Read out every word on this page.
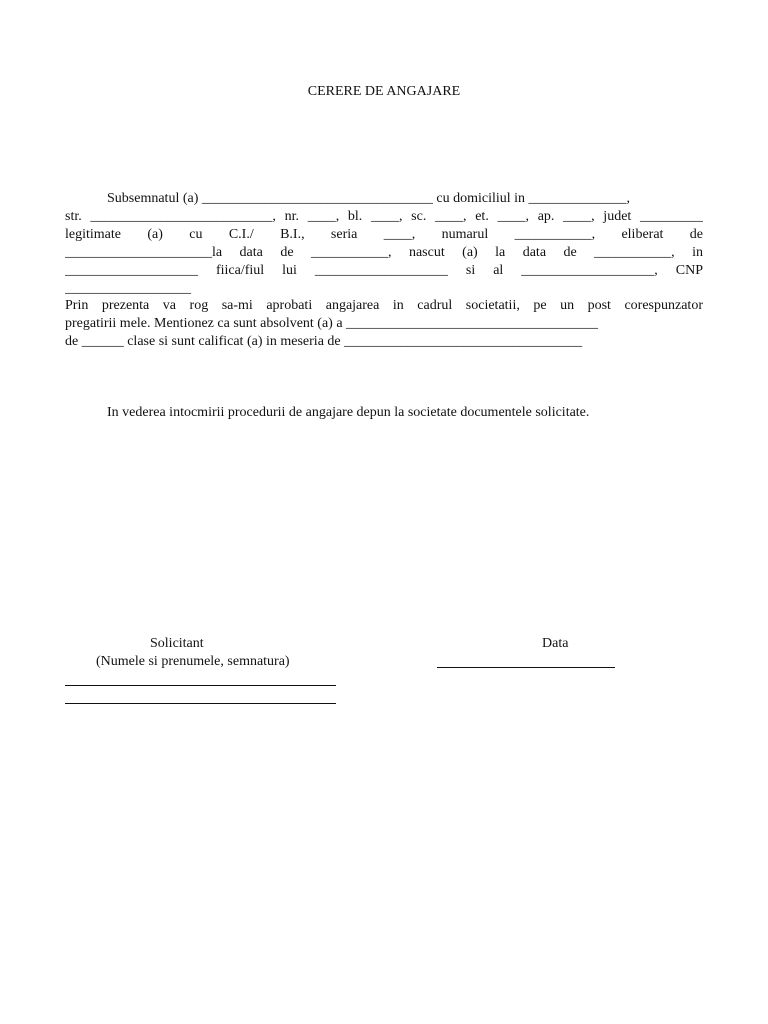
CERERE DE ANGAJARE
Subsemnatul (a) _________________________________ cu domiciliul in ______________,
str. __________________________, nr. ____, bl. ____, sc. ____, et. ____, ap. ____, judet _________
legitimate (a) cu C.I./ B.I., seria ____, numarul ___________, eliberat de
_____________________la data de ___________, nascut (a) la data de ___________, in
___________________ fiica/fiul lui ___________________ si al ___________________, CNP
__________________
Prin prezenta va rog sa-mi aprobati angajarea in cadrul societatii, pe un post corespunzator
pregatirii mele. Mentionez ca sunt absolvent (a) a ____________________________________
de ______ clase si sunt calificat (a) in meseria de __________________________________
In vederea intocmirii procedurii de angajare depun la societate documentele solicitate.
Solicitant
(Numele si prenumele, semnatura)
Data
